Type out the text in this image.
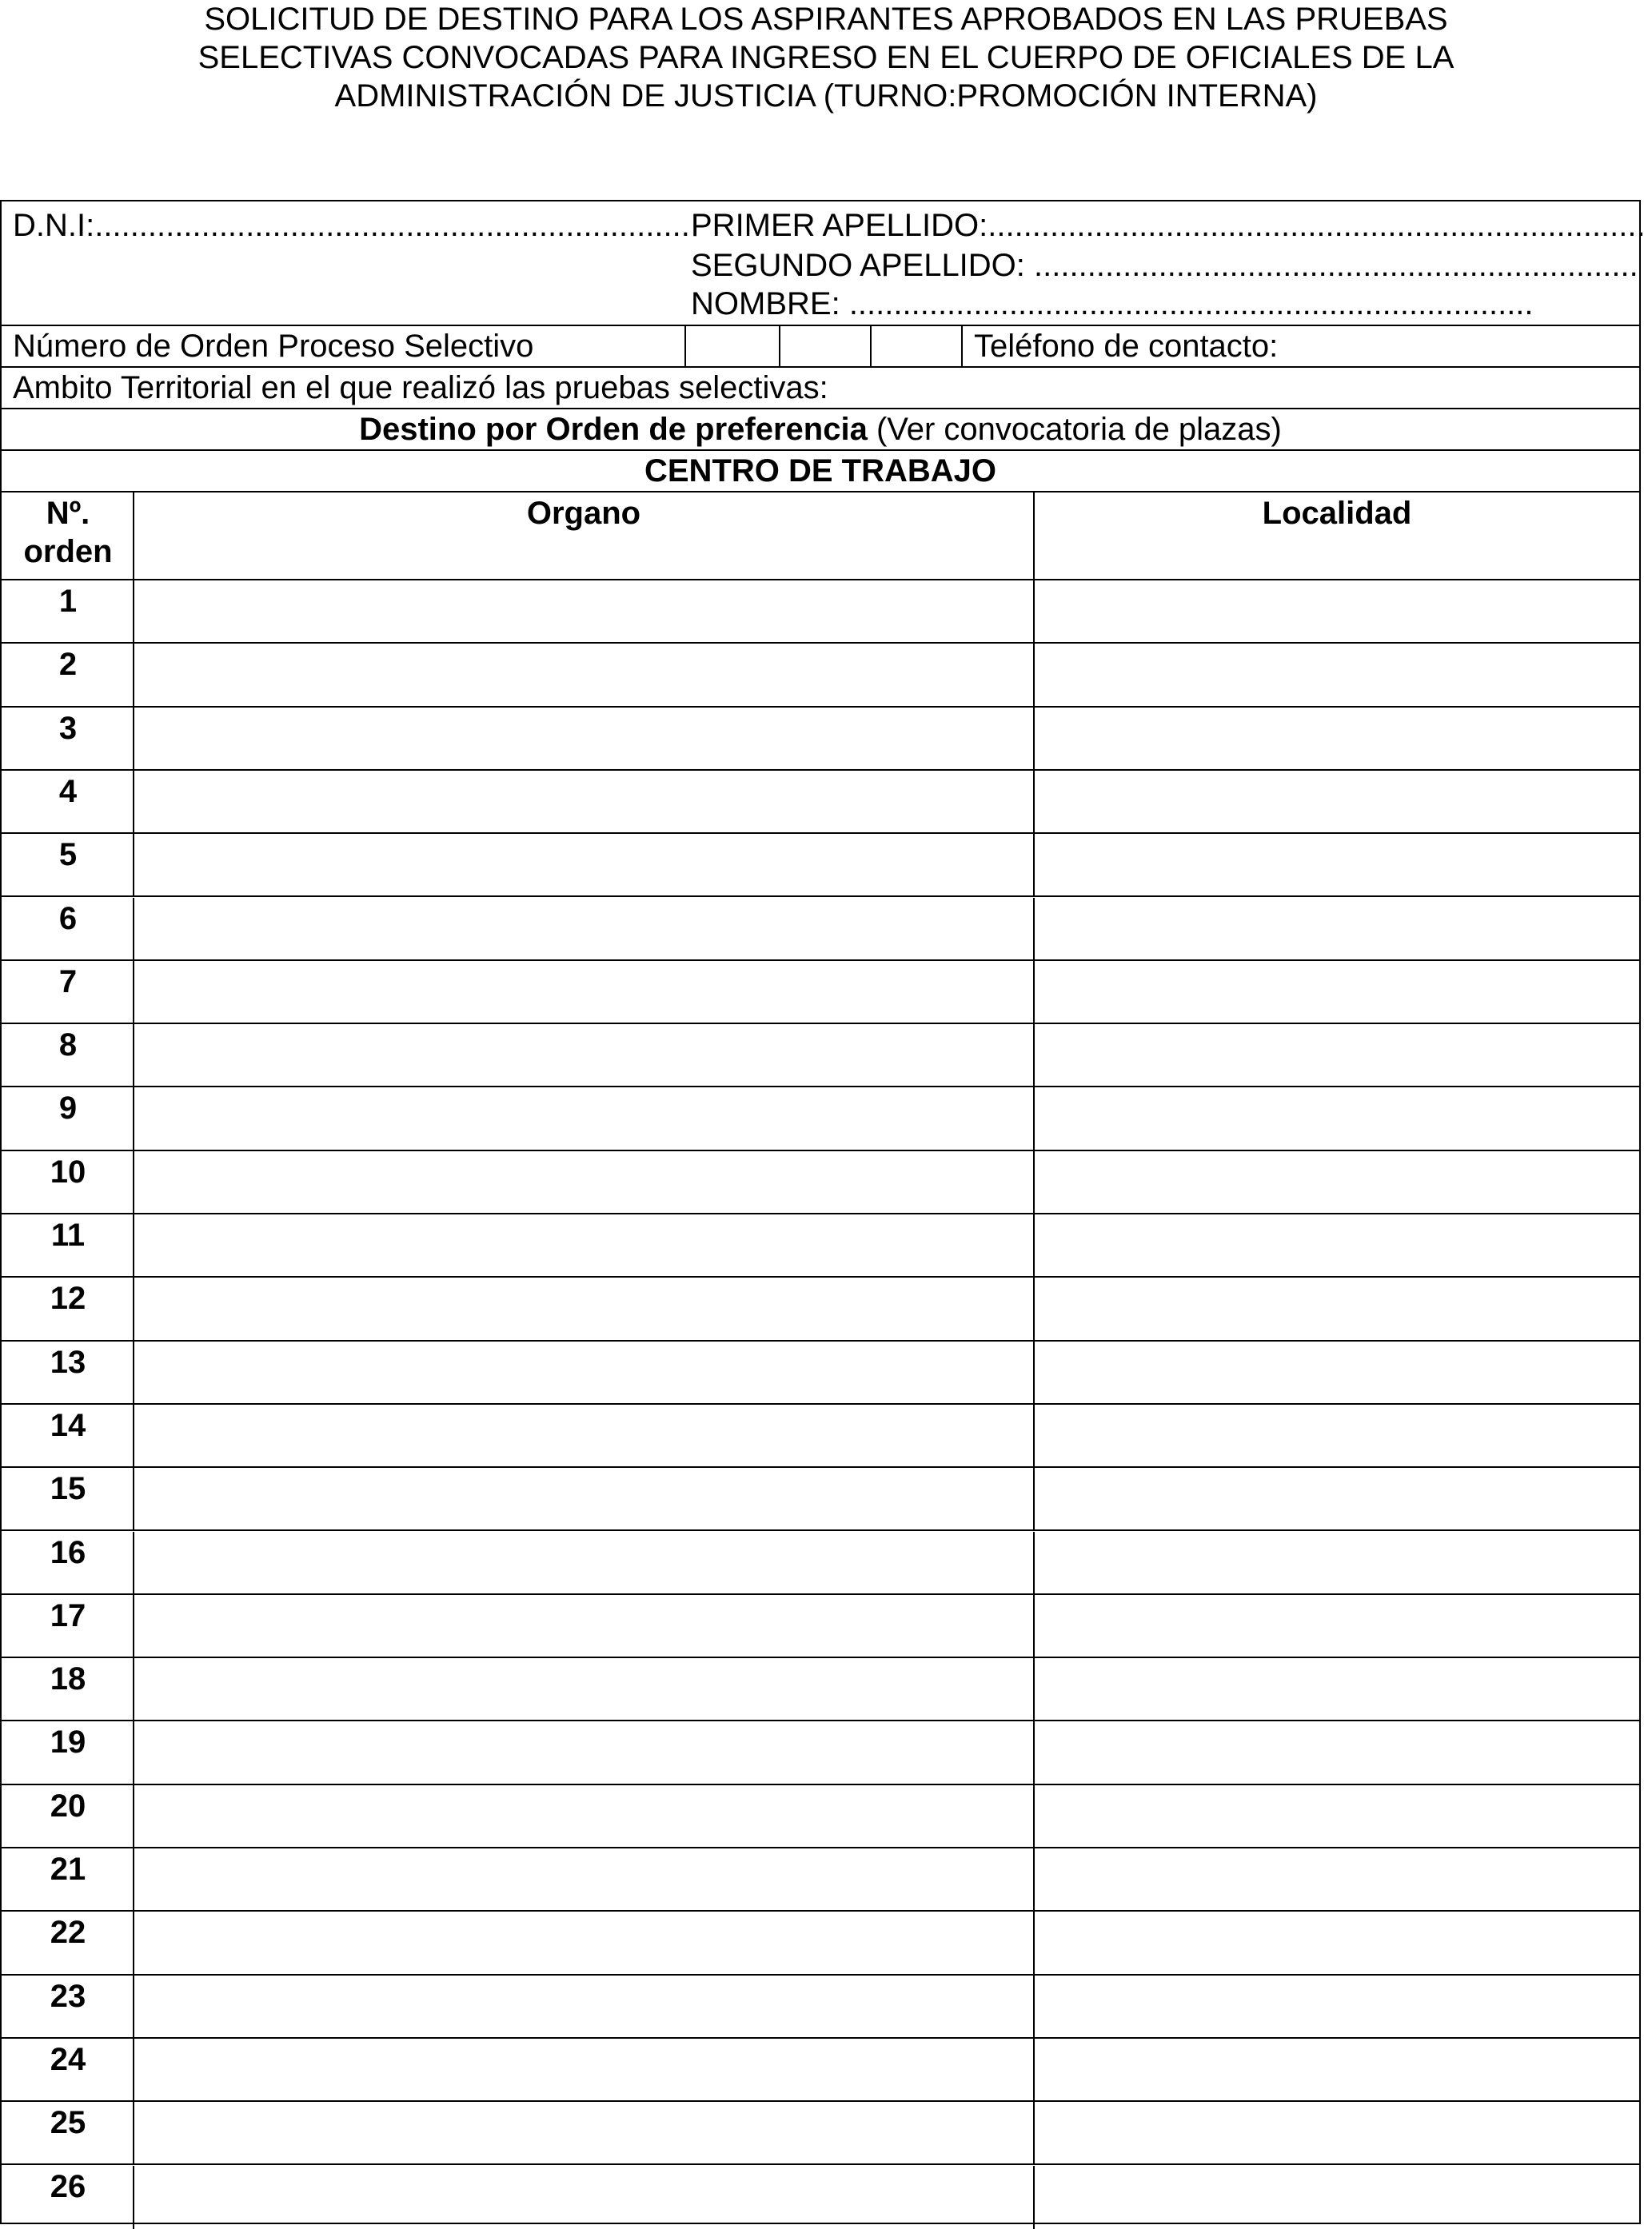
SOLICITUD DE DESTINO PARA LOS ASPIRANTES APROBADOS EN LAS PRUEBAS
SELECTIVAS CONVOCADAS PARA INGRESO EN EL CUERPO DE OFICIALES DE LA
ADMINISTRACIÓN DE JUSTICIA (TURNO:PROMOCIÓN INTERNA)
D.N.I:................................................................... PRIMER APELLIDO:..........................................................................
SEGUNDO APELLIDO: ....................................................................
NOMBRE: .............................................................................
Número de Orden Proceso Selectivo	Teléfono de contacto:
Ambito Territorial en el que realizó las pruebas selectivas:
Destino por Orden de preferencia (Ver convocatoria de plazas)
CENTRO DE TRABAJO
Nº.
orden
Organo	Localidad
1
2
3
4
5
6
7
8
9
10
11
12
13
14
15
16
17
18
19
20
21
22
23
24
25
26
